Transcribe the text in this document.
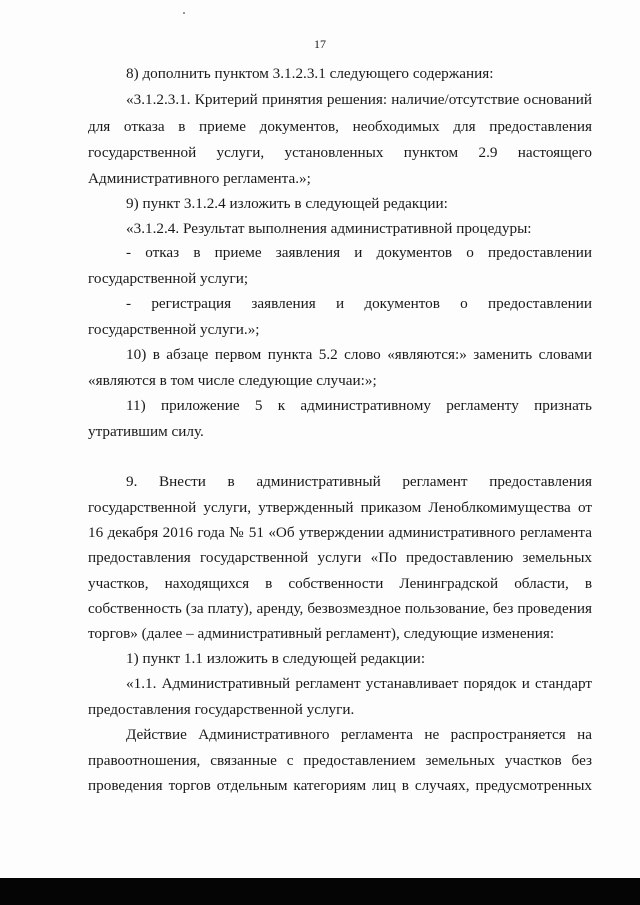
17
8) дополнить пунктом 3.1.2.3.1 следующего содержания:
«3.1.2.3.1. Критерий принятия решения: наличие/отсутствие оснований
для отказа в приеме документов, необходимых для предоставления
государственной услуги, установленных пунктом 2.9 настоящего
Административного регламента.»;
9) пункт 3.1.2.4 изложить в следующей редакции:
«3.1.2.4. Результат выполнения административной процедуры:
- отказ в приеме заявления и документов о предоставлении
государственной услуги;
- регистрация заявления и документов о предоставлении
государственной услуги.»;
10) в абзаце первом пункта 5.2 слово «являются:» заменить словами
«являются в том числе следующие случаи:»;
11) приложение 5 к административному регламенту признать
утратившим силу.
9. Внести в административный регламент предоставления
государственной услуги, утвержденный приказом Леноблкомимущества от
16 декабря 2016 года № 51 «Об утверждении административного регламента
предоставления государственной услуги «По предоставлению земельных
участков, находящихся в собственности Ленинградской области, в
собственность (за плату), аренду, безвозмездное пользование, без проведения
торгов» (далее – административный регламент), следующие изменения:
1) пункт 1.1 изложить в следующей редакции:
«1.1. Административный регламент устанавливает порядок и стандарт
предоставления государственной услуги.
Действие Административного регламента не распространяется на
правоотношения, связанные с предоставлением земельных участков без
проведения торгов отдельным категориям лиц в случаях, предусмотренных
